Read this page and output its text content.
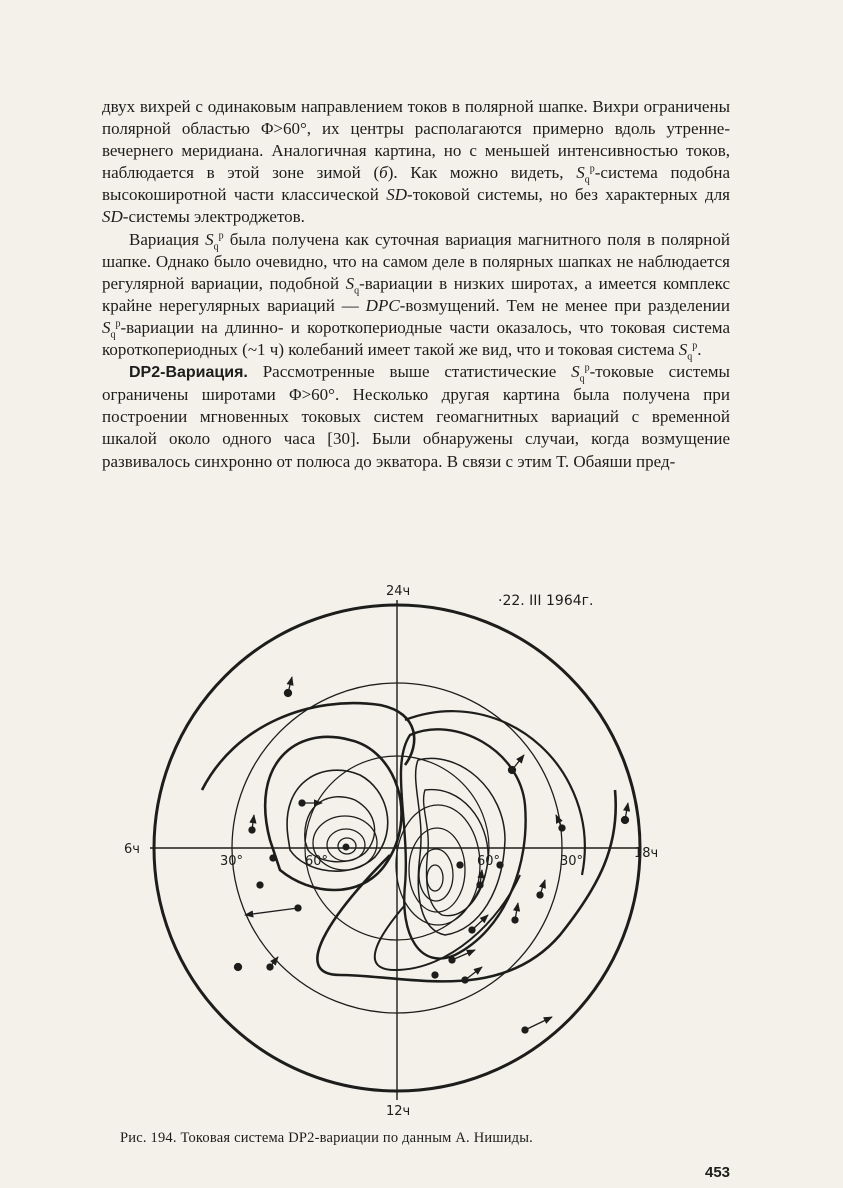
двух вихрей с одинаковым направлением токов в полярной шапке. Вихри ограничены полярной областью Φ>60°, их центры располагаются примерно вдоль утренне-вечернего меридиана. Аналогичная картина, но с меньшей интенсивностью токов, наблюдается в этой зоне зимой (б). Как можно видеть, $S_q^p$-система подобна высокоширотной части классической SD-токовой системы, но без характерных для SD-системы электроджетов.

Вариация $S_q^p$ была получена как суточная вариация магнитного поля в полярной шапке. Однако было очевидно, что на самом деле в полярных шапках не наблюдается регулярной вариации, подобной $S_q$-вариации в низких широтах, а имеется комплекс крайне нерегулярных вариаций — DPC-возмущений. Тем не менее при разделении $S_q^p$-вариации на длинно- и короткопериодные части оказалось, что токовая система короткопериодных (~1 ч) колебаний имеет такой же вид, что и токовая система $S_q^p$.

DP2-Вариация. Рассмотренные выше статистические $S_q^p$-токовые системы ограничены широтами Φ>60°. Несколько другая картина была получена при построении мгновенных токовых систем геомагнитных вариаций с временной шкалой около одного часа [30]. Были обнаружены случаи, когда возмущение развивалось синхронно от полюса до экватора. В связи с этим Т. Обаяши пред-

24ч
12ч
6ч	18ч
30°	60°	60°	30°
·22. III 1964г.
Рис. 194. Токовая система DP2-вариации по данным А. Нишиды.
453
